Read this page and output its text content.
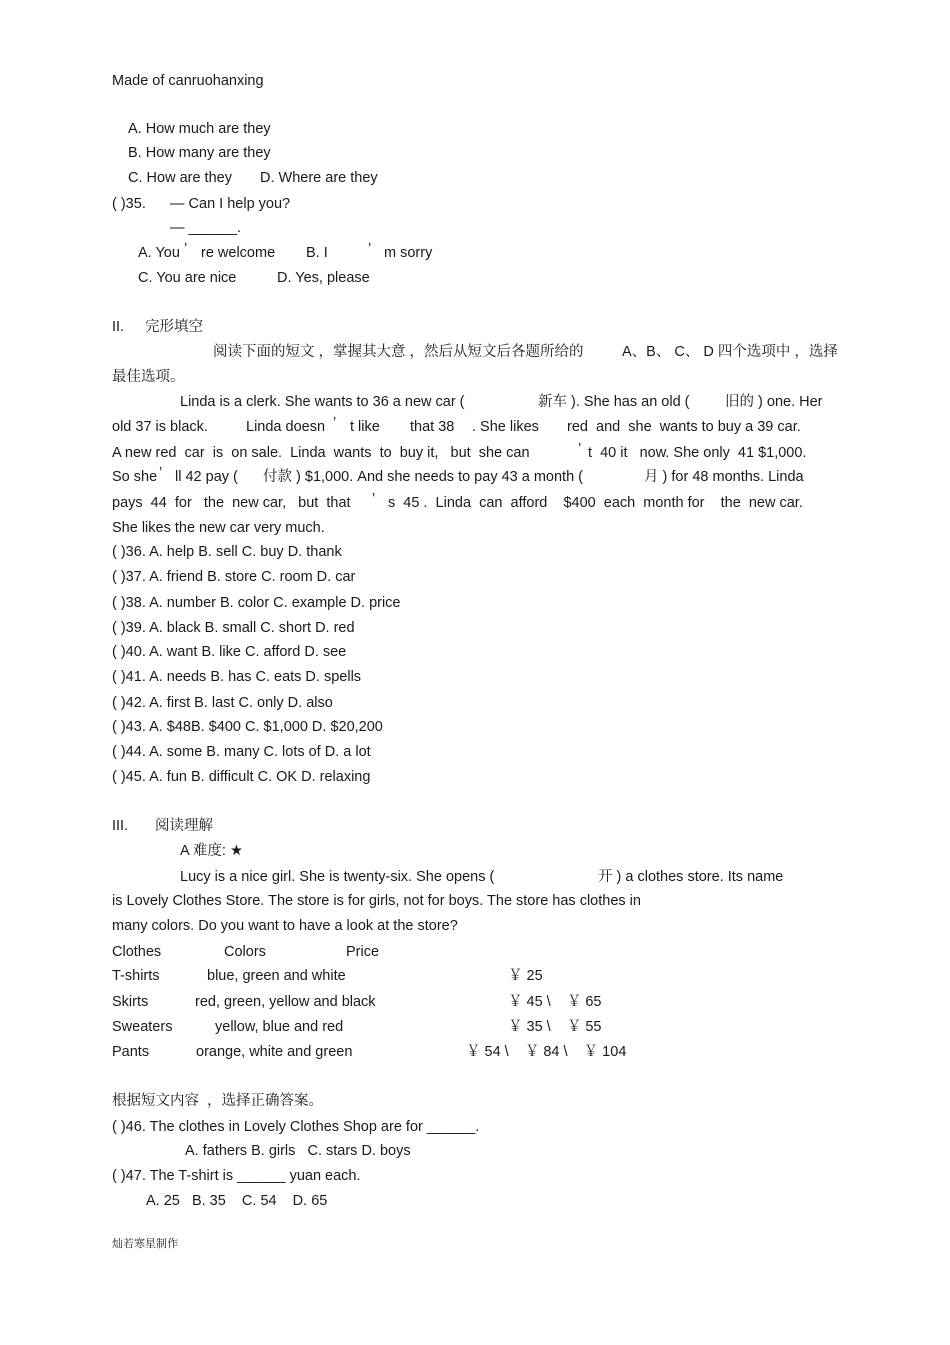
Made of canruohanxing
A. How much are they
B. How many are they
C. How are they D. Where are they
( )35. — Can I help you?
— ______.
A. You ’ re welcome B. I	’ m sorry
C. You are nice	D. Yes, please
II. 完形填空
阅读下面的短文 ，掌握其大意 ，然后从短文后各题所给的	A、B、 C、 D 四个选项中 ，选择
最佳选项。
Linda is a clerk. She wants to 36 a new car (	新车 ). She has an old ( 旧的 ) one. Her
old 37 is black.	Linda doesn ’ t like that 38 . She likes red  and  she  wants to buy a 39 car.
A new red  car  is  on sale.  Linda  wants  to  buy it,   but  she can	’ t  40 it   now. She only  41 $1,000.
So she ’ ll 42 pay ( 付款 ) $1,000. And she needs to pay 43 a month (	月 ) for 48 months. Linda
pays  44  for   the  new car,   but  that ’ s  45 .  Linda  can  afford    $400  each  month for    the  new car.
She likes the new car very much.
( )36. A. help B. sell C. buy D. thank
( )37. A. friend B. store C. room D. car
( )38. A. number B. color C. example D. price
( )39. A. black B. small C. short D. red
( )40. A. want B. like C. afford D. see
( )41. A. needs B. has C. eats D. spells
( )42. A. first B. last C. only D. also
( )43. A. $48B. $400 C. $1,000 D. $20,200
( )44. A. some B. many C. lots of D. a lot
( )45. A. fun B. difficult C. OK D. relaxing
III. 阅读理解
A 难度: ★
Lucy is a nice girl. She is twenty-six. She opens (	开 ) a clothes store. Its name
is Lovely Clothes Store. The store is for girls, not for boys. The store has clothes in
many colors. Do you want to have a look at the store?
Clothes	Colors	Price
T-shirts	blue, green and white	￥ 25
Skirts	red, green, yellow and black	￥ 45 \    ￥ 65
Sweaters	yellow, blue and red	￥ 35 \    ￥ 55
Pants	orange, white and green	￥ 54 \    ￥ 84 \    ￥ 104
根据短文内容  ，选择正确答案。
( )46. The clothes in Lovely Clothes Shop are for ______.
A. fathers B. girls   C. stars D. boys
( )47. The T-shirt is ______ yuan each.
A. 25   B. 35    C. 54    D. 65
灿若寒星制作
